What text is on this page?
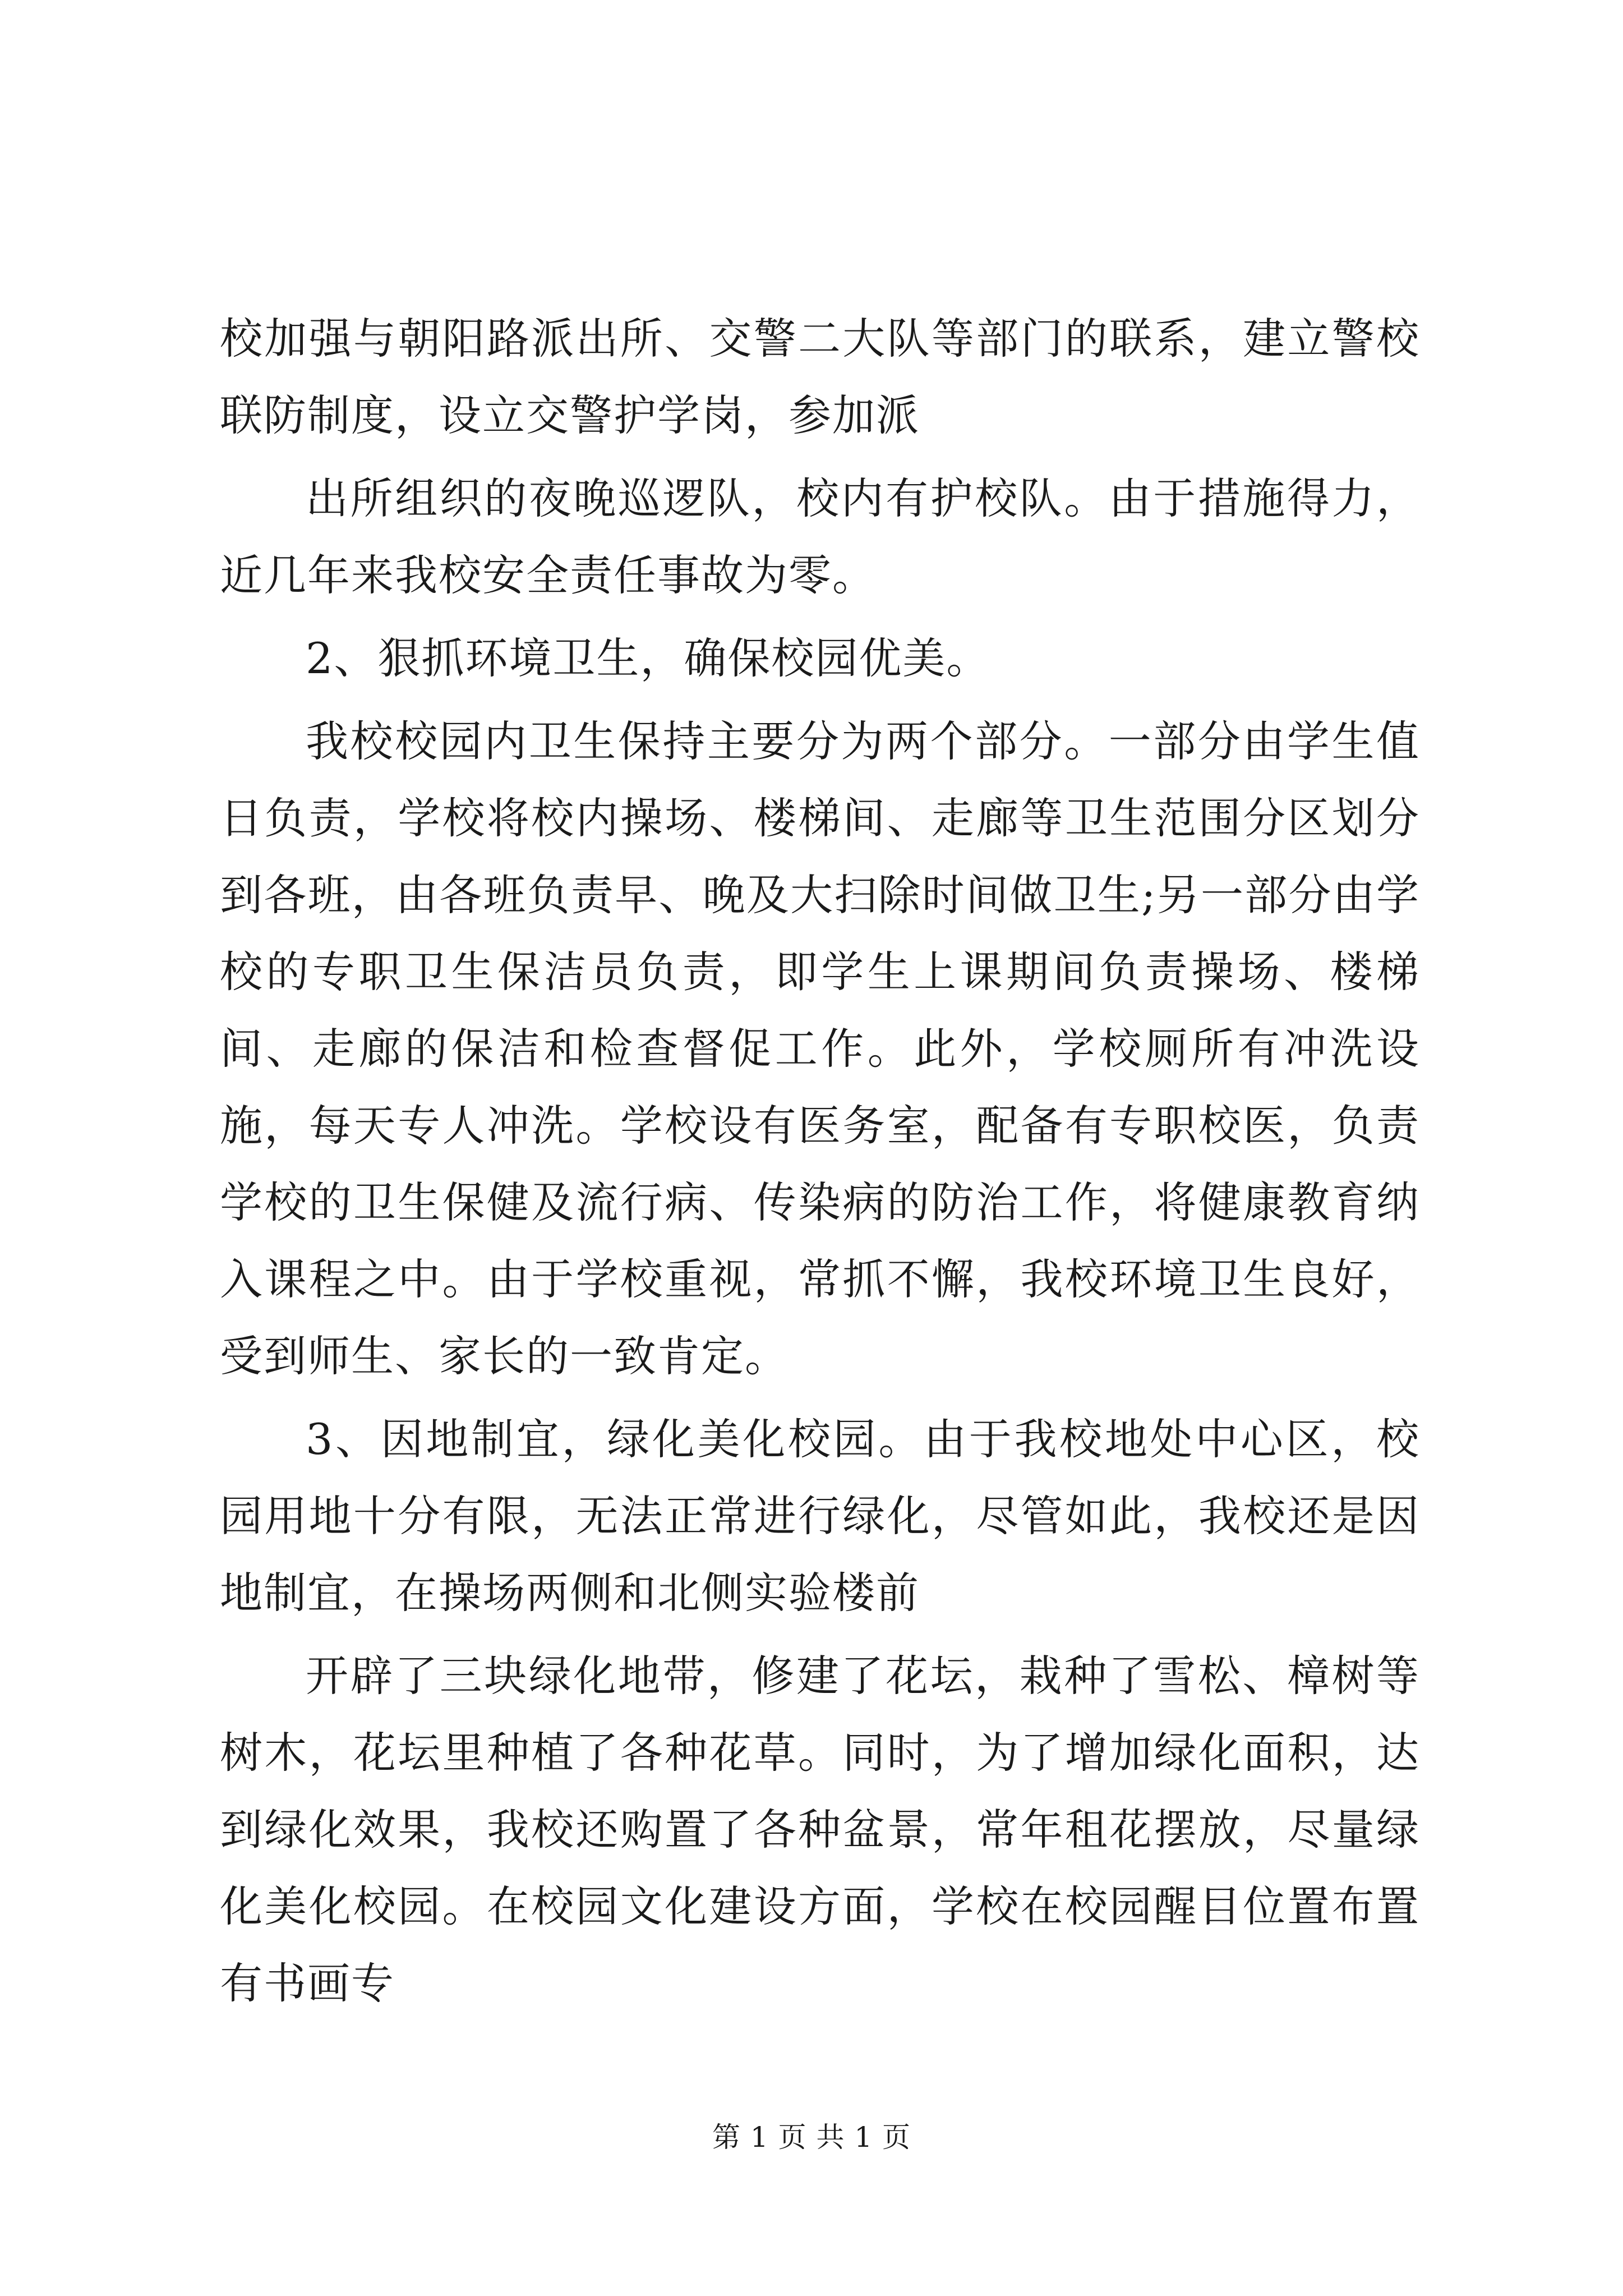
校加强与朝阳路派出所、交警二大队等部门的联系，建立警校联防制度，设立交警护学岗，参加派

出所组织的夜晚巡逻队，校内有护校队。由于措施得力，近几年来我校安全责任事故为零。

2、狠抓环境卫生，确保校园优美。

我校校园内卫生保持主要分为两个部分。一部分由学生值日负责，学校将校内操场、楼梯间、走廊等卫生范围分区划分到各班，由各班负责早、晚及大扫除时间做卫生;另一部分由学校的专职卫生保洁员负责，即学生上课期间负责操场、楼梯间、走廊的保洁和检查督促工作。此外，学校厕所有冲洗设施，每天专人冲洗。学校设有医务室，配备有专职校医，负责学校的卫生保健及流行病、传染病的防治工作，将健康教育纳入课程之中。由于学校重视，常抓不懈，我校环境卫生良好，受到师生、家长的一致肯定。

3、因地制宜，绿化美化校园。由于我校地处中心区，校园用地十分有限，无法正常进行绿化，尽管如此，我校还是因地制宜，在操场两侧和北侧实验楼前

开辟了三块绿化地带，修建了花坛，栽种了雪松、樟树等树木，花坛里种植了各种花草。同时，为了增加绿化面积，达到绿化效果，我校还购置了各种盆景，常年租花摆放，尽量绿化美化校园。在校园文化建设方面，学校在校园醒目位置布置有书画专

第 1 页 共 1 页
